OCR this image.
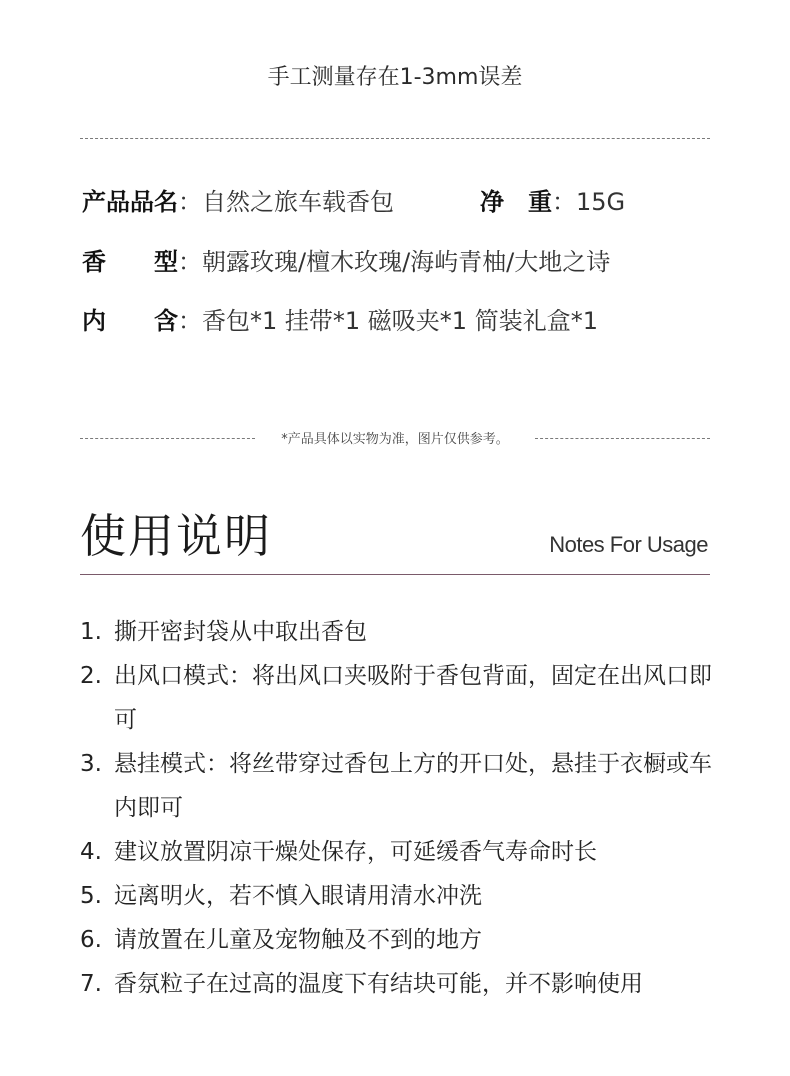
手工测量存在1-3mm误差
产品品名：自然之旅车载香包	净　重：15G
香　　型：朝露玫瑰/檀木玫瑰/海屿青柚/大地之诗
内　　含：香包*1 挂带*1 磁吸夹*1 简装礼盒*1
*产品具体以实物为准，图片仅供参考。
使用说明	Notes For Usage
1. 撕开密封袋从中取出香包
2. 出风口模式：将出风口夹吸附于香包背面，固定在出风口即可
3. 悬挂模式：将丝带穿过香包上方的开口处，悬挂于衣橱或车内即可
4. 建议放置阴凉干燥处保存，可延缓香气寿命时长
5. 远离明火，若不慎入眼请用清水冲洗
6. 请放置在儿童及宠物触及不到的地方
7. 香氛粒子在过高的温度下有结块可能，并不影响使用
